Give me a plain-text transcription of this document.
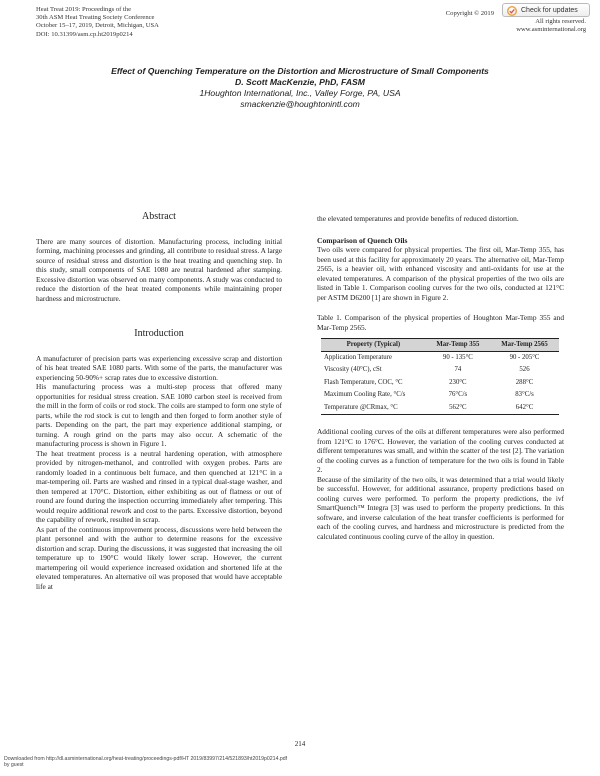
Heat Treat 2019: Proceedings of the
30th ASM Heat Treating Society Conference
October 15–17, 2019, Detroit, Michigan, USA
DOI: 10.31399/asm.cp.ht2019p0214
Copyright © 2019
All rights reserved.
www.asminternational.org
Check for updates
Effect of Quenching Temperature on the Distortion and Microstructure of Small Components
D. Scott MacKenzie, PhD, FASM
1Houghton International, Inc., Valley Forge, PA, USA
smackenzie@houghtonintl.com
Abstract

There are many sources of distortion. Manufacturing process, including initial forming, machining processes and grinding, all contribute to residual stress. A large source of residual stress and distortion is the heat treating and quenching step. In this study, small components of SAE 1080 are neutral hardened after stamping. Excessive distortion was observed on many components. A study was conducted to reduce the distortion of the heat treated components while maintaining proper hardness and microstructure.

Introduction

A manufacturer of precision parts was experiencing excessive scrap and distortion of his heat treated SAE 1080 parts. With some of the parts, the manufacturer was experiencing 50-90%+ scrap rates due to excessive distortion.

His manufacturing process was a multi-step process that offered many opportunities for residual stress creation. SAE 1080 carbon steel is received from the mill in the form of coils or rod stock. The coils are stamped to form one style of parts, while the rod stock is cut to length and then forged to form another style of parts. Depending on the part, the part may experience additional stamping, or turning. A rough grind on the parts may also occur. A schematic of the manufacturing process is shown in Figure 1.

The heat treatment process is a neutral hardening operation, with atmosphere provided by nitrogen-methanol, and controlled with oxygen probes. Parts are randomly loaded in a continuous belt furnace, and then quenched at 121°C in a mar-tempering oil. Parts are washed and rinsed in a typical dual-stage washer, and then tempered at 170°C. Distortion, either exhibiting as out of flatness or out of round are found during the inspection occurring immediately after tempering. This would require additional rework and cost to the parts. Excessive distortion, beyond the capability of rework, resulted in scrap.

As part of the continuous improvement process, discussions were held between the plant personnel and with the author to determine reasons for the excessive distortion and scrap. During the discussions, it was suggested that increasing the oil temperature up to 190°C would likely lower scrap. However, the current martempering oil would experience increased oxidation and shortened life at the elevated temperatures. An alternative oil was proposed that would have acceptable life at

the elevated temperatures and provide benefits of reduced distortion.

Comparison of Quench Oils

Two oils were compared for physical properties. The first oil, Mar-Temp 355, has been used at this facility for approximately 20 years. The alternative oil, Mar-Temp 2565, is a heavier oil, with enhanced viscosity and anti-oxidants for use at the elevated temperatures. A comparison of the physical properties of the two oils are listed in Table 1. Comparison cooling curves for the two oils, conducted at 121°C per ASTM D6200 [1] are shown in Figure 2.

Table 1. Comparison of the physical properties of Houghton Mar-Temp 355 and Mar-Temp 2565.

Property (Typical)	Mar-Temp 355	Mar-Temp 2565
Application Temperature	90 - 135°C	90 - 205°C
Viscosity (40°C), cSt	74	526
Flash Temperature, COC, °C	230°C	288°C
Maximum Cooling Rate, °C/s	76°C/s	83°C/s
Temperature @CRmax, °C	562°C	642°C

Additional cooling curves of the oils at different temperatures were also performed from 121°C to 176°C. However, the variation of the cooling curves conducted at different temperatures was small, and within the scatter of the test [2]. The variation of the cooling curves as a function of temperature for the two oils is found in Table 2.

Because of the similarity of the two oils, it was determined that a trial would likely be successful. However, for additional assurance, property predictions based on cooling curves were performed. To perform the property predictions, the ivf SmartQuench™ Integra [3] was used to perform the property predictions. In this software, and inverse calculation of the heat transfer coefficients is performed for each of the cooling curves, and hardness and microstructure is predicted from the calculated continuous cooling curve of the alloy in question.

214
Downloaded from http://dl.asminternational.org/heat-treating/proceedings-pdf/HT 2019/83997/214/521893/ht2019p0214.pdf
by guest
